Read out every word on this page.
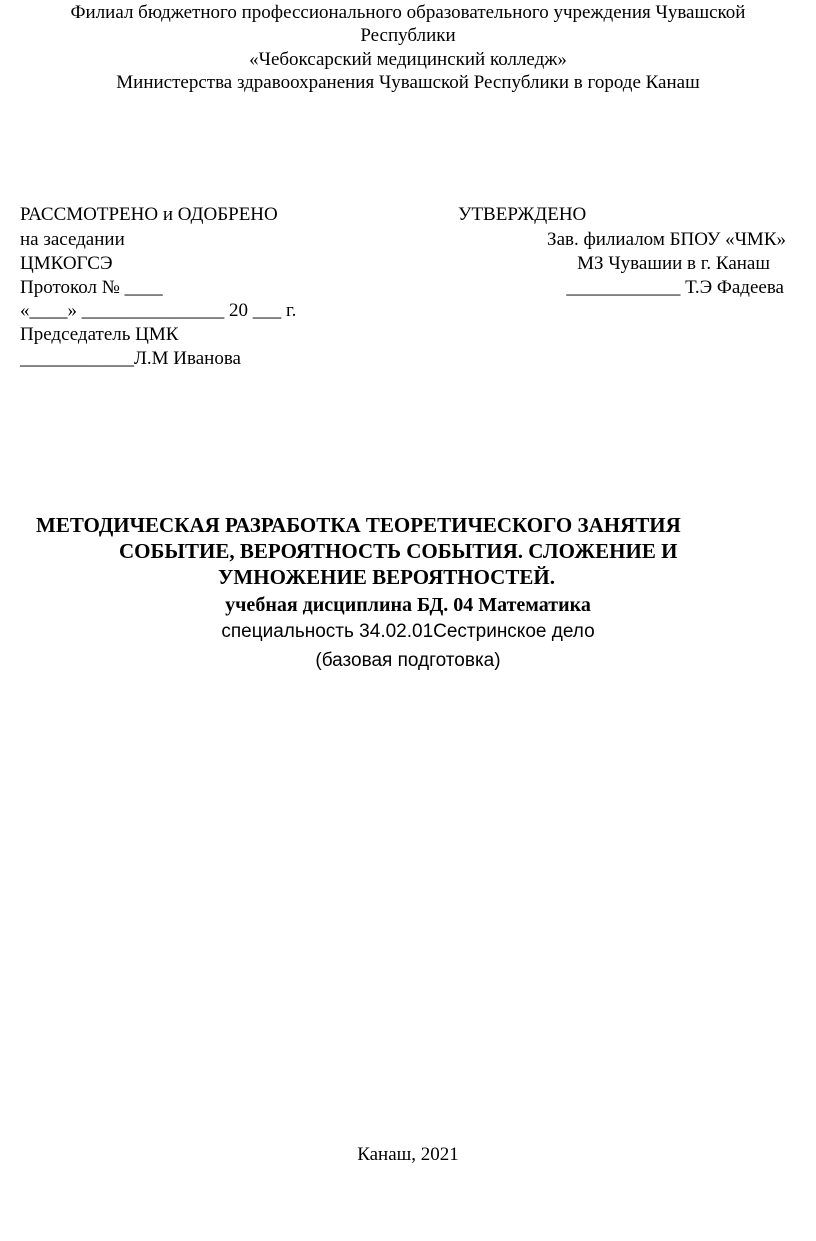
Филиал бюджетного профессионального образовательного учреждения Чувашской
Республики
«Чебоксарский медицинский колледж»
Министерства здравоохранения Чувашской Республики в городе Канаш
РАССМОТРЕНО и ОДОБРЕНО
на заседании
ЦМКОГСЭ
Протокол № ____
«____» _______________ 20 ___ г.
Председатель ЦМК
____________Л.М Иванова
УТВЕРЖДЕНО
Зав. филиалом БПОУ «ЧМК»
МЗ Чувашии в г. Канаш
____________ Т.Э Фадеева
МЕТОДИЧЕСКАЯ РАЗРАБОТКА ТЕОРЕТИЧЕСКОГО ЗАНЯТИЯ
СОБЫТИЕ, ВЕРОЯТНОСТЬ СОБЫТИЯ. СЛОЖЕНИЕ И
УМНОЖЕНИЕ ВЕРОЯТНОСТЕЙ.
учебная дисциплина БД. 04 Математика
специальность 34.02.01Сестринское дело
(базовая подготовка)
Канаш, 2021
